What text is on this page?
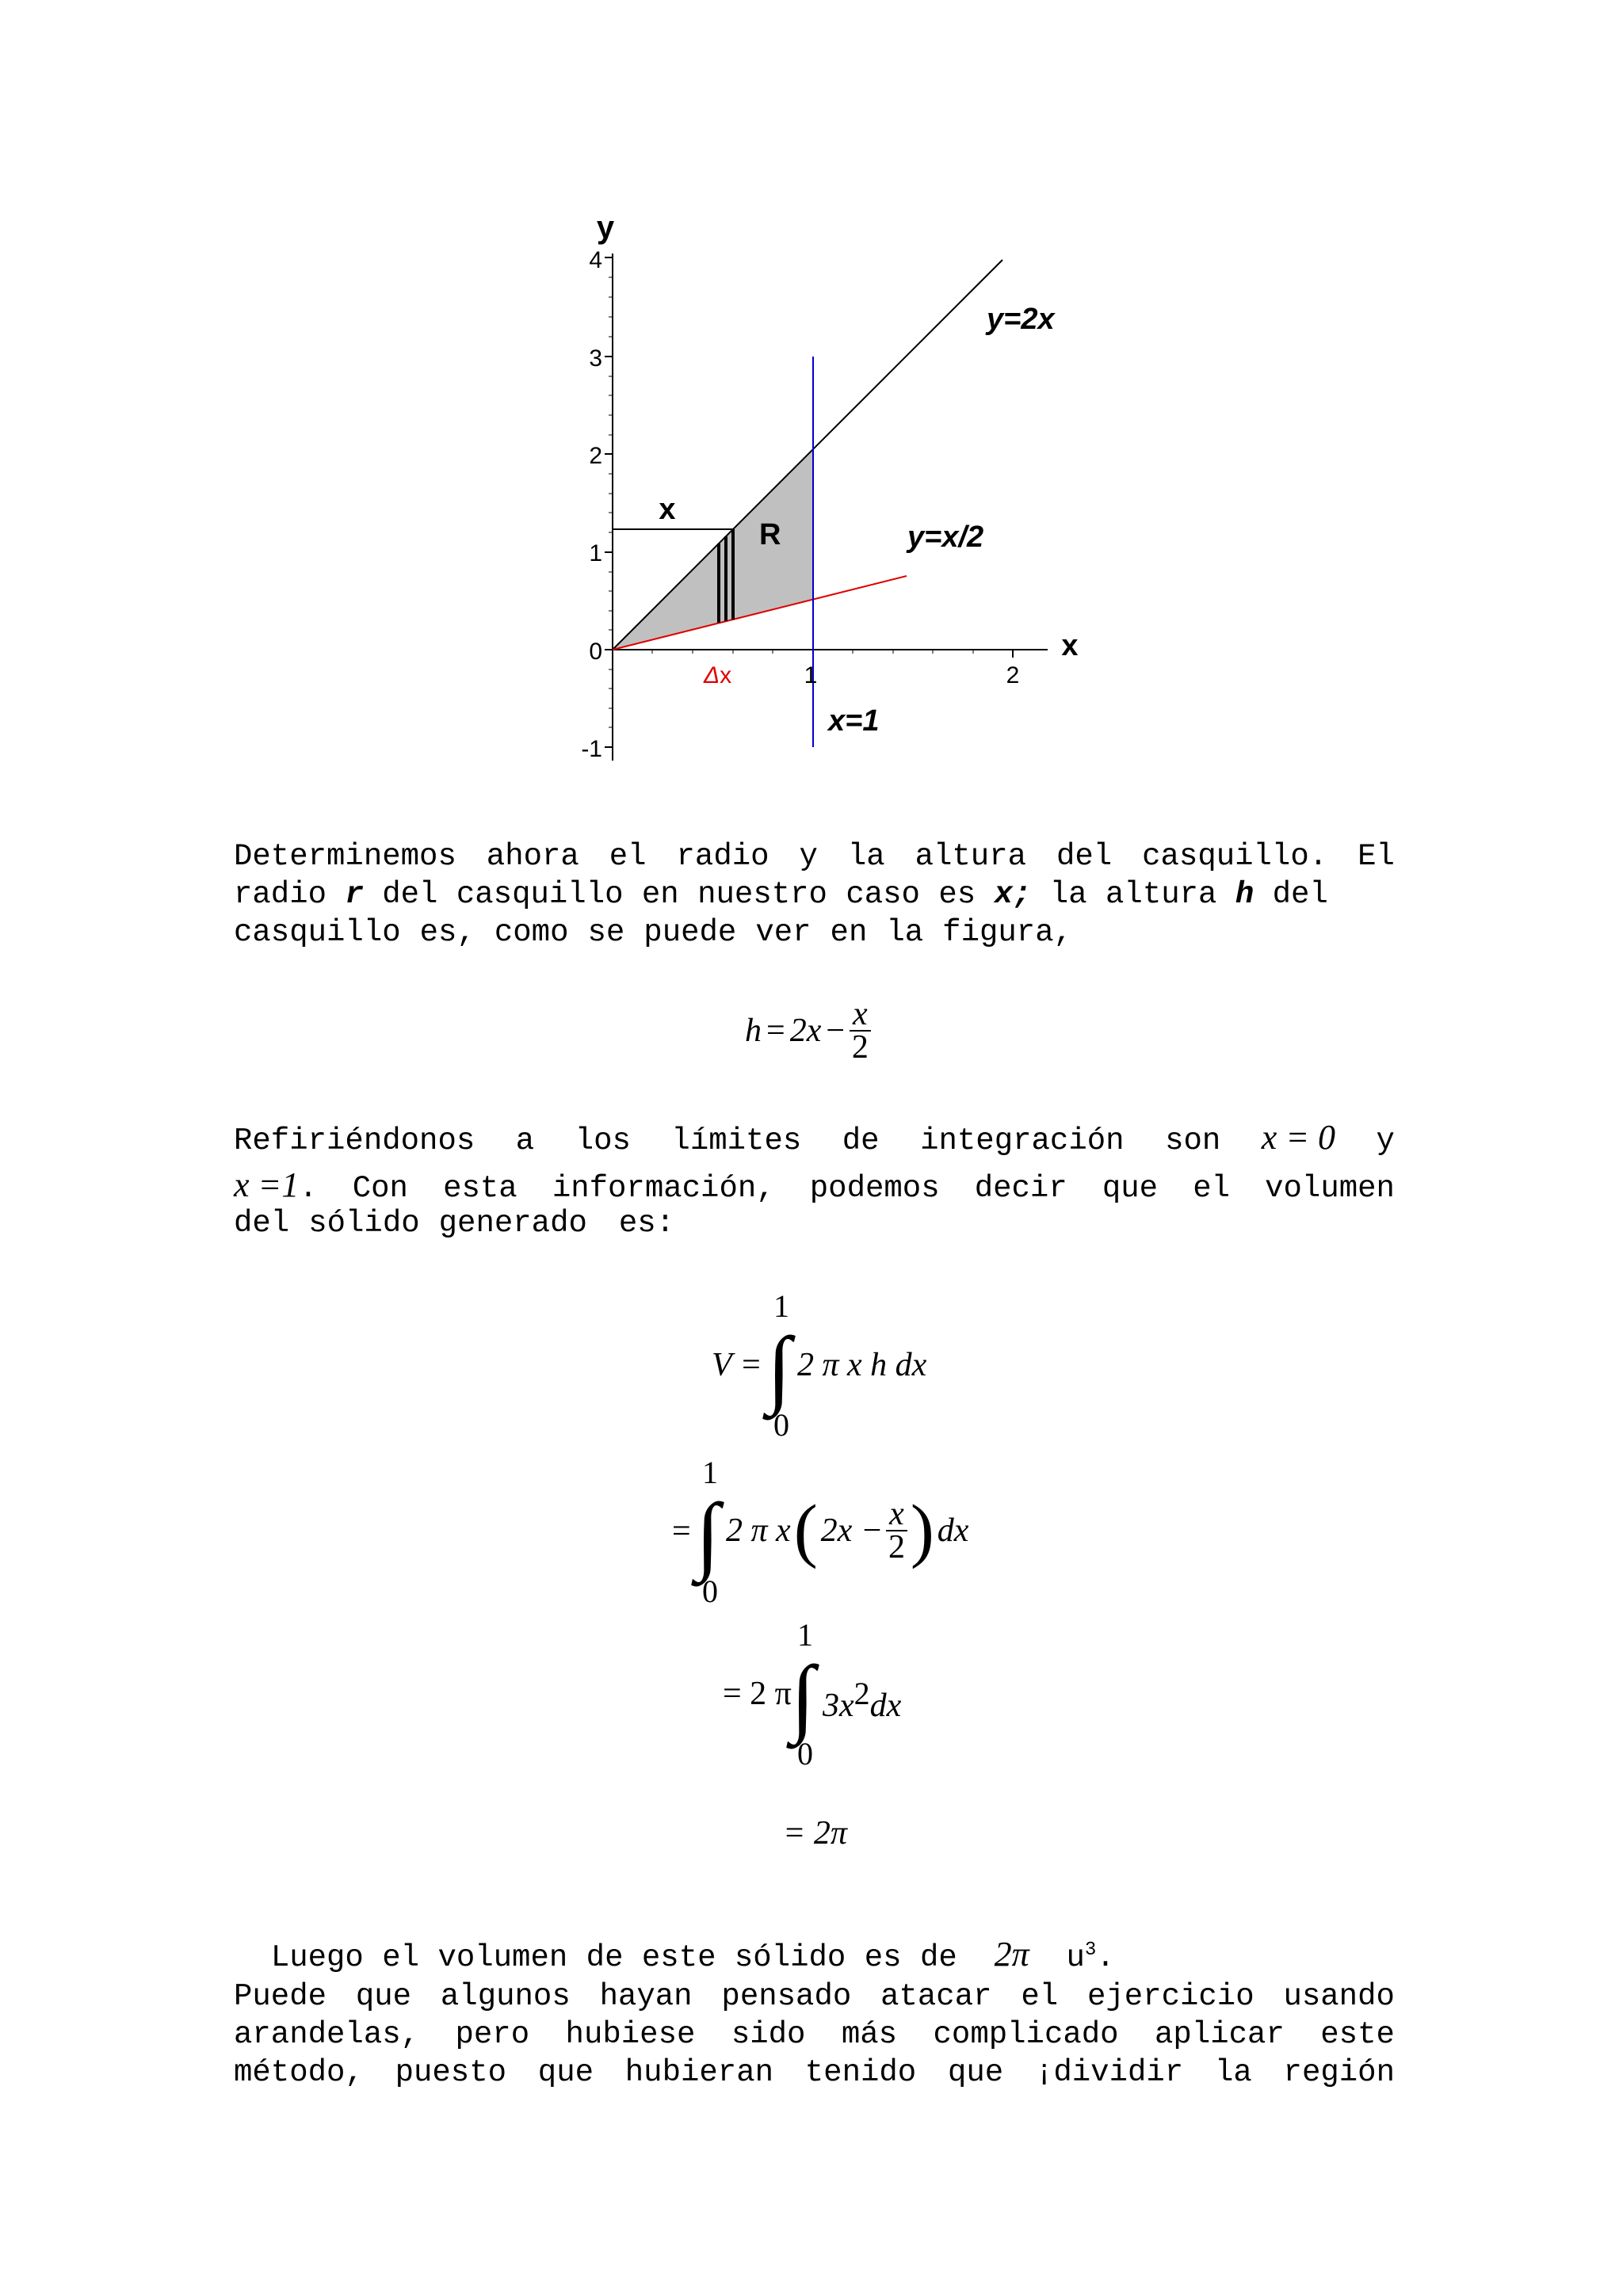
4
3
2
1
0
-1
1	2
y
x
y=2x
y=x/2
x=1
R
x
Δx
Determinemos ahora el radio y la altura del casquillo. El
radio
r
del casquillo en nuestro caso es
x;
la altura
h
del
casquillo es, como se puede ver en la figura,
$h = 2x - \frac{x}{2}$
Refiriéndonos a los límites de integración son x = 0 y
x =1. Con esta información, podemos decir que el volumen
del sólido generado es:
V =
1
∫
0
2 π x h dx
=
1
∫
0
2 π x ( $2x - \frac{x}{2}$ ) dx
= 2 π
1
∫
0
$3x^2dx$
= 2π

Luego el volumen de este sólido es de 2π $u^3$.

Puede que algunos hayan pensado atacar el ejercicio usando
arandelas, pero hubiese sido más complicado aplicar este
método, puesto que hubieran tenido que ¡dividir la región
